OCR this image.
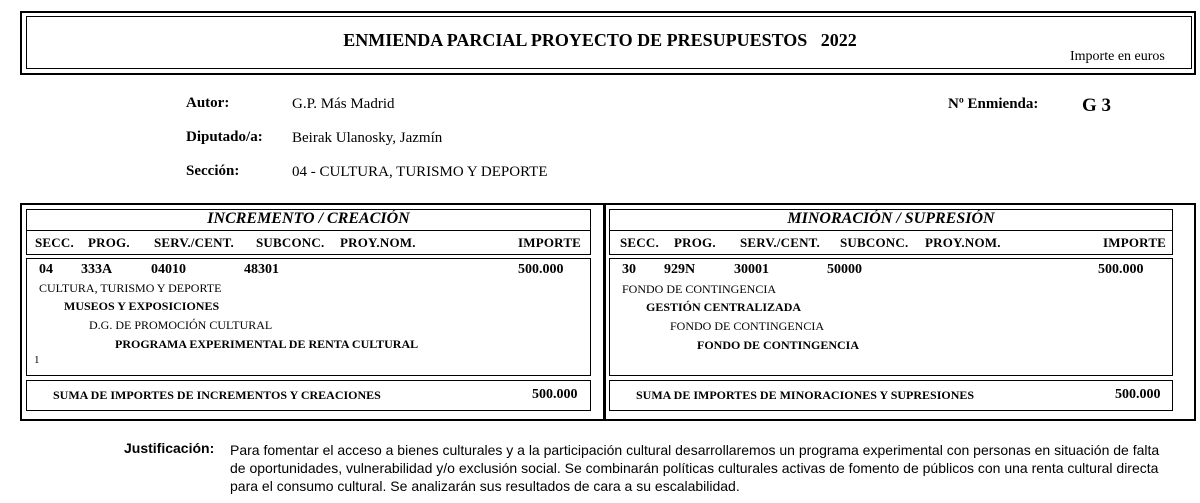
ENMIENDA PARCIAL PROYECTO DE PRESUPUESTOS   2022
Importe en euros
Autor:	G.P. Más Madrid
Diputado/a: Beirak Ulanosky, Jazmín
Sección:	04 - CULTURA, TURISMO Y DEPORTE
Nº Enmienda: G 3
INCREMENTO / CREACIÓN
SECC. PROG. SERV./CENT. SUBCONC. PROY.NOM.	IMPORTE
04 333A	04010	48301	500.000
CULTURA, TURISMO Y DEPORTE
MUSEOS Y EXPOSICIONES
D.G. DE PROMOCIÓN CULTURAL
PROGRAMA EXPERIMENTAL DE RENTA CULTURAL
1
SUMA DE IMPORTES DE INCREMENTOS Y CREACIONES	500.000
MINORACIÓN / SUPRESIÓN
SECC. PROG. SERV./CENT. SUBCONC. PROY.NOM.	IMPORTE
30 929N	30001	50000	500.000
FONDO DE CONTINGENCIA
GESTIÓN CENTRALIZADA
FONDO DE CONTINGENCIA
FONDO DE CONTINGENCIA
SUMA DE IMPORTES DE MINORACIONES Y SUPRESIONES	500.000
Justificación: Para fomentar el acceso a bienes culturales y a la participación cultural desarrollaremos un programa experimental con personas en situación de falta de oportunidades, vulnerabilidad y/o exclusión social. Se combinarán políticas culturales activas de fomento de públicos con una renta cultural directa para el consumo cultural. Se analizarán sus resultados de cara a su escalabilidad.
